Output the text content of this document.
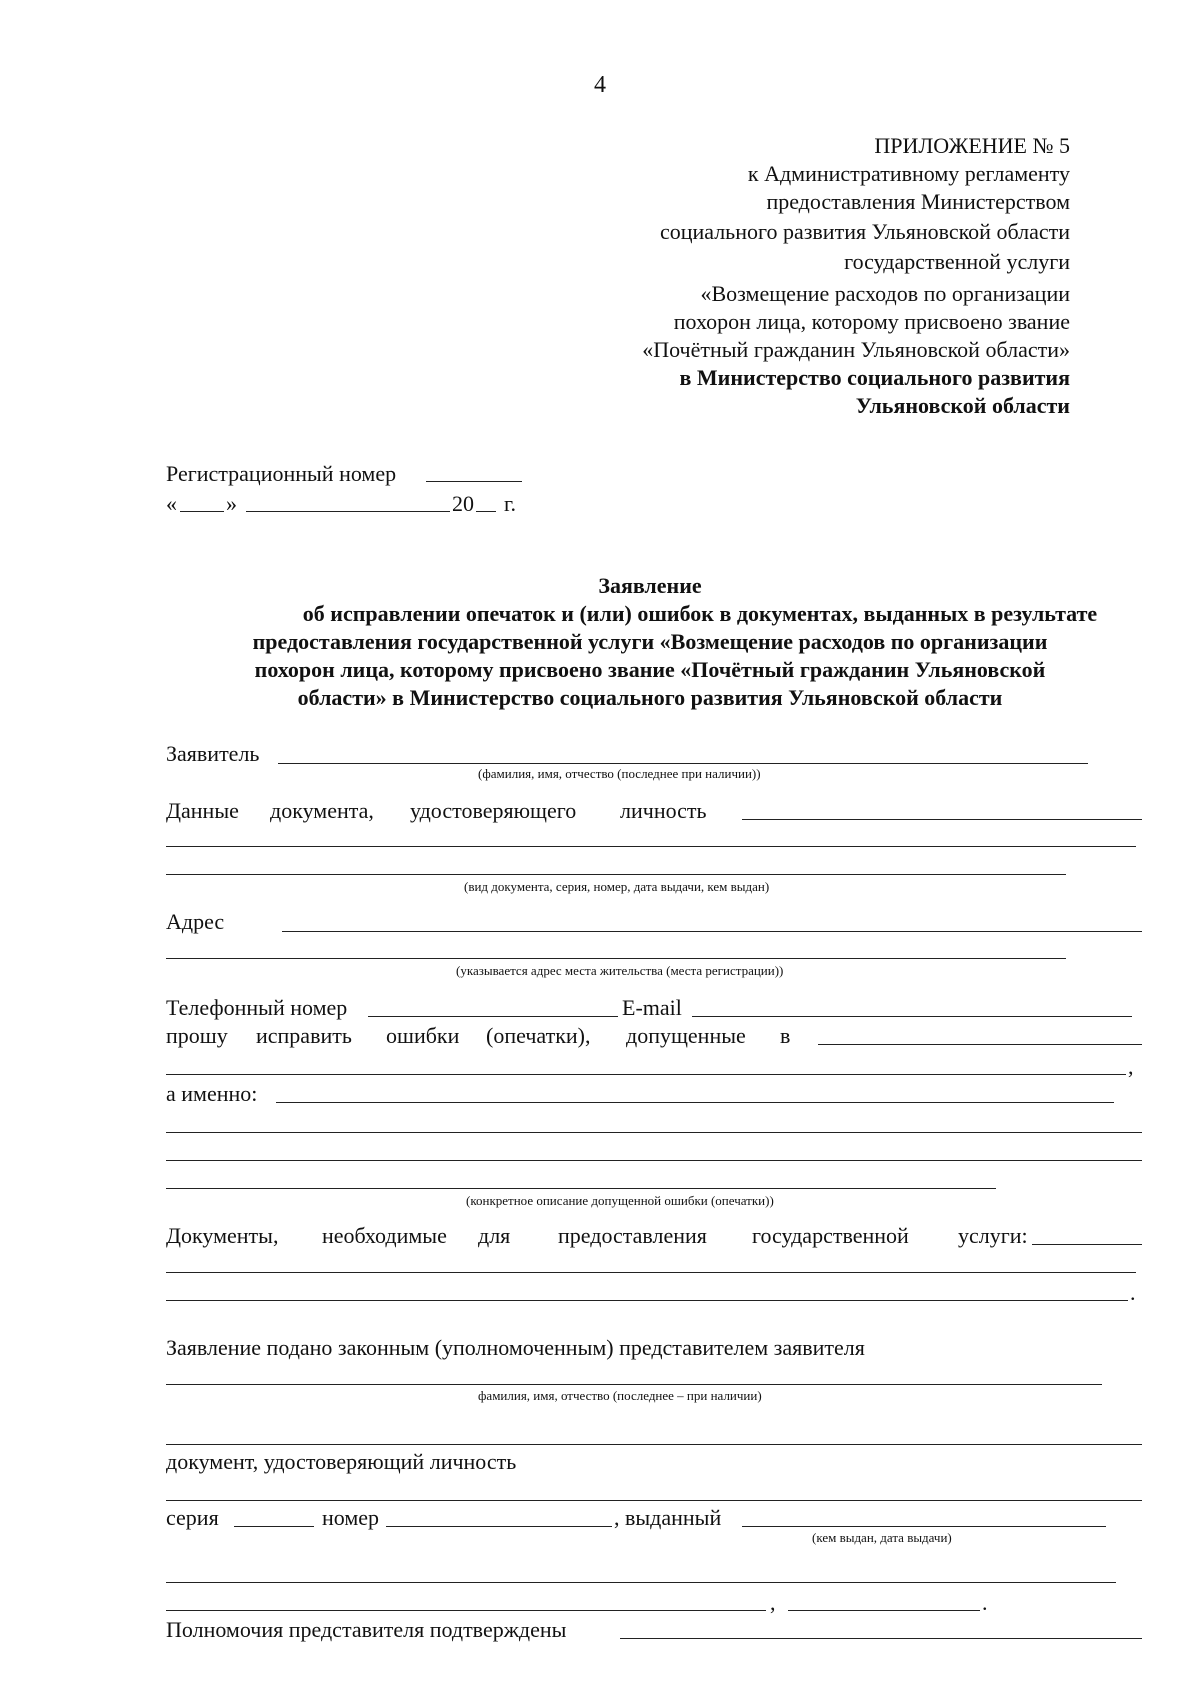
4
ПРИЛОЖЕНИЕ № 5
к Административному регламенту
предоставления Министерством
социального развития Ульяновской области
государственной услуги
«Возмещение расходов по организации
похорон лица, которому присвоено звание
«Почётный гражданин Ульяновской области»
в Министерство социального развития
Ульяновской области
Регистрационный номер
« »	20 г.
Заявление
об исправлении опечаток и (или) ошибок в документах, выданных в результате
предоставления государственной услуги «Возмещение расходов по организации
похорон лица, которому присвоено звание «Почётный гражданин Ульяновской
области» в Министерство социального развития Ульяновской области
Заявитель
(фамилия, имя, отчество (последнее при наличии))
Данные документа, удостоверяющего личность
(вид документа, серия, номер, дата выдачи, кем выдан)
Адрес
(указывается адрес места жительства (места регистрации))
Телефонный номер	E-mail
прошу исправить ошибки (опечатки), допущенные в
,
а именно:
(конкретное описание допущенной ошибки (опечатки))
Документы, необходимые для предоставления государственной услуги:
.
Заявление подано законным (уполномоченным) представителем заявителя
фамилия, имя, отчество (последнее – при наличии)
документ, удостоверяющий личность
серия	номер	, выданный
(кем выдан, дата выдачи)
,	.
Полномочия представителя подтверждены
